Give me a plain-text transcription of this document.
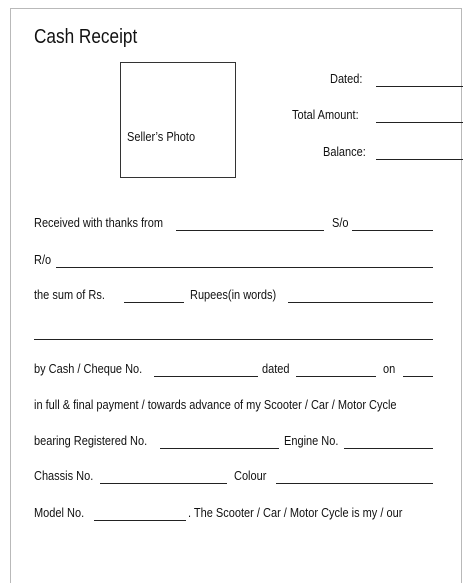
Cash Receipt
Seller’s Photo
Dated:
Total Amount:
Balance:
Received with thanks from	S/o
R/o
the sum of Rs.	Rupees(in words)
by Cash / Cheque No.	dated	on
in full & final payment / towards advance of my Scooter / Car / Motor Cycle
bearing Registered No.	Engine No.
Chassis No.	Colour
Model No.	. The Scooter / Car / Motor Cycle is my / our
